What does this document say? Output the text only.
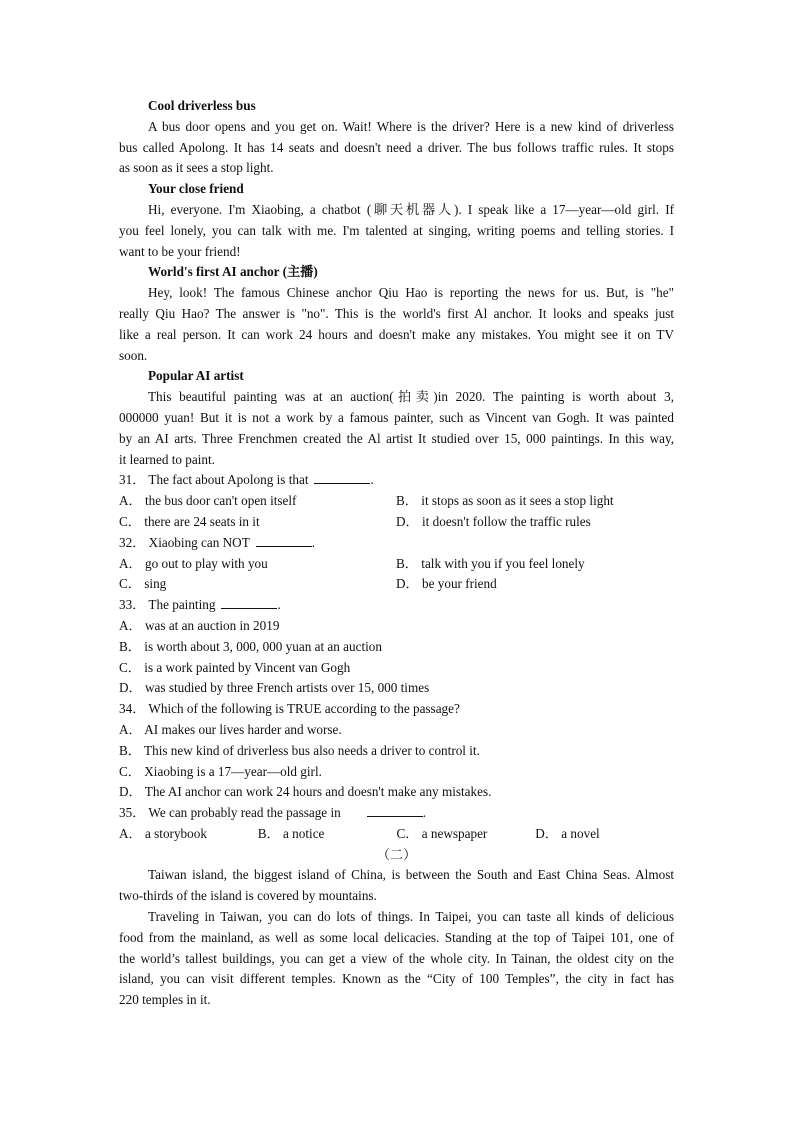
Cool driverless bus
A bus door opens and you get on. Wait! Where is the driver? Here is a new kind of driverless
bus called Apolong. It has 14 seats and doesn't need a driver. The bus follows traffic rules. It stops
as soon as it sees a stop light.
Your close friend
Hi, everyone. I'm Xiaobing, a chatbot (聊天机器人). I speak like a 17—year—old girl. If
you feel lonely, you can talk with me. I'm talented at singing, writing poems and telling stories. I
want to be your friend!
World's first AI anchor (主播)
Hey, look! The famous Chinese anchor Qiu Hao is reporting the news for us. But, is "he"
really Qiu Hao? The answer is "no". This is the world's first Al anchor. It looks and speaks just
like a real person. It can work 24 hours and doesn't make any mistakes. You might see it on TV
soon.
Popular AI artist
This beautiful painting was at an auction(拍卖)in 2020. The painting is worth about 3,
000000 yuan! But it is not a work by a famous painter, such as Vincent van Gogh. It was painted
by an AI arts. Three Frenchmen created the Al artist It studied over 15, 000 paintings. In this way,
it learned to paint.
31． The fact about Apolong is that	.
A． the bus door can't open itself	B． it stops as soon as it sees a stop light
C． there are 24 seats in it	D． it doesn't follow the traffic rules
32． Xiaobing can NOT	.
A． go out to play with you	B． talk with you if you feel lonely
C． sing	D． be your friend
33． The painting	.
A． was at an auction in 2019
B． is worth about 3, 000, 000 yuan at an auction
C． is a work painted by Vincent van Gogh
D． was studied by three French artists over 15, 000 times
34． Which of the following is TRUE according to the passage?
A． AI makes our lives harder and worse.
B． This new kind of driverless bus also needs a driver to control it.
C． Xiaobing is a 17—year—old girl.
D． The AI anchor can work 24 hours and doesn't make any mistakes.
35． We can probably read the passage in	.
A． a storybook	B． a notice	C． a newspaper	D． a novel
（二）
Taiwan island, the biggest island of China, is between the South and East China Seas. Almost
two-thirds of the island is covered by mountains.
Traveling in Taiwan, you can do lots of things. In Taipei, you can taste all kinds of delicious
food from the mainland, as well as some local delicacies. Standing at the top of Taipei 101, one of
the world’s tallest buildings, you can get a view of the whole city. In Tainan, the oldest city on the
island, you can visit different temples. Known as the “City of 100 Temples”, the city in fact has
220 temples in it.
